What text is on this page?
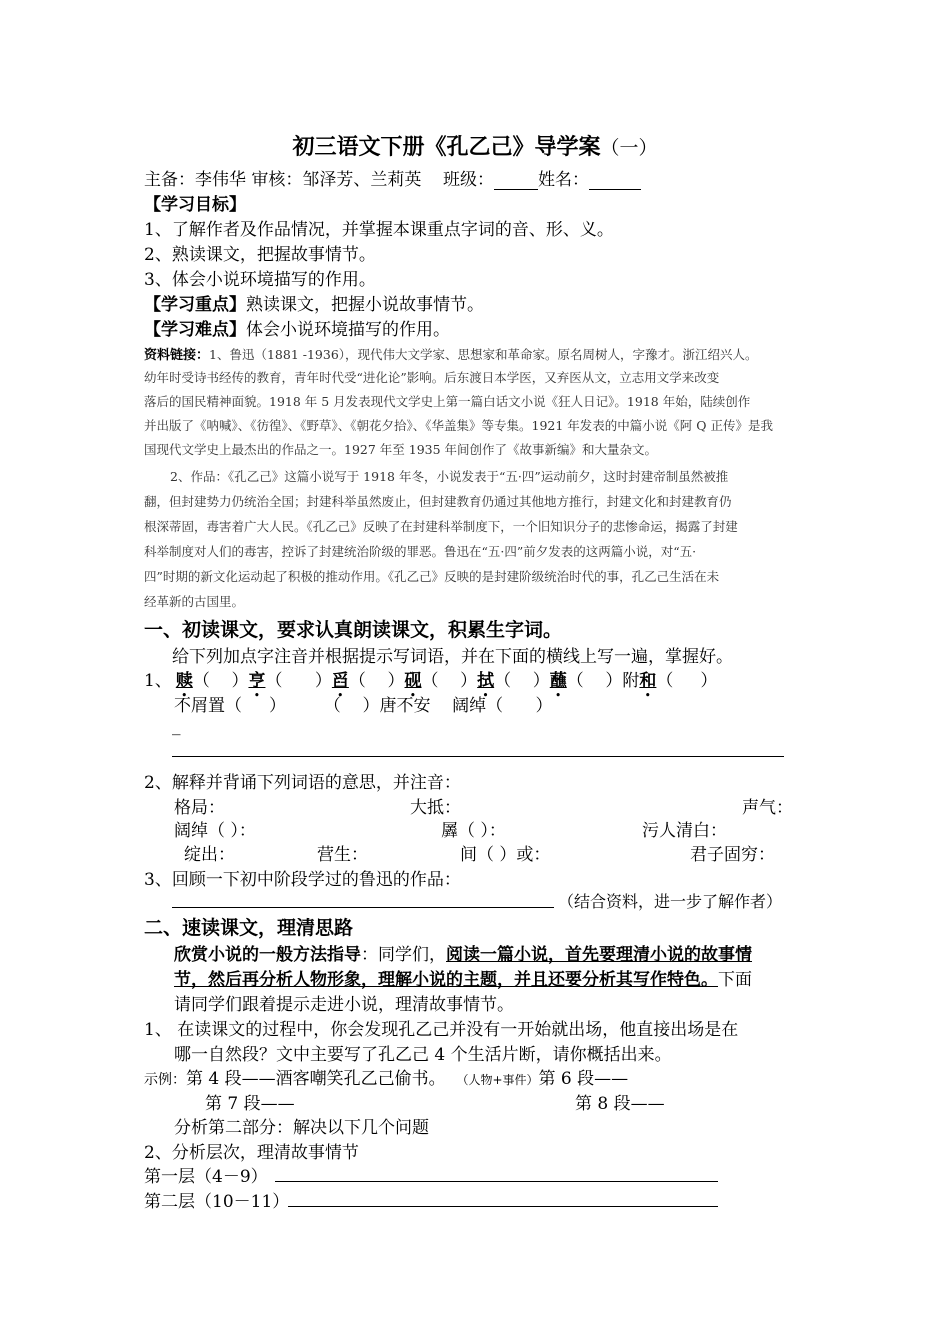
初三语文下册《孔乙己》导学案（一）
主备：李伟华 审核：邹泽芳、兰莉英 班级：	姓名：
【学习目标】
1、了解作者及作品情况，并掌握本课重点字词的音、形、义。
2、熟读课文，把握故事情节。
3、体会小说环境描写的作用。
【学习重点】熟读课文，把握小说故事情节。
【学习难点】体会小说环境描写的作用。
资料链接：1、鲁迅（1881 -1936），现代伟大文学家、思想家和革命家。原名周树人，字豫才。浙江绍兴人。
幼年时受诗书经传的教育，青年时代受“进化论”影响。后东渡日本学医，又弃医从文，立志用文学来改变
落后的国民精神面貌。1918 年 5 月发表现代文学史上第一篇白话文小说《狂人日记》。1918 年始，陆续创作
并出版了《呐喊》、《彷徨》、《野草》、《朝花夕拾》、《华盖集》等专集。1921 年发表的中篇小说《阿 Q 正传》是我
国现代文学史上最杰出的作品之一。1927 年至 1935 年间创作了《故事新编》和大量杂文。
2、作品：《孔乙己》这篇小说写于 1918 年冬，小说发表于“五·四”运动前夕，这时封建帝制虽然被推
翻，但封建势力仍统治全国；封建科举虽然废止，但封建教育仍通过其他地方推行，封建文化和封建教育仍
根深蒂固，毒害着广大人民。《孔乙己》反映了在封建科举制度下，一个旧知识分子的悲惨命运，揭露了封建
科举制度对人们的毒害，控诉了封建统治阶级的罪恶。鲁迅在“五·四”前夕发表的这两篇小说，对“五·
四”时期的新文化运动起了积极的推动作用。《孔乙己》反映的是封建阶级统治时代的事，孔乙己生活在未
经革新的古国里。
一、初读课文，要求认真朗读课文，积累生字词。
给下列加点字注音并根据提示写词语，并在下面的横线上写一遍，掌握好。
1、 赎（    ）亨（      ）舀（    ）砚（    ）拭（    ）蘸（    ）附和（     ）
不屑置（ ） （ ）唐不安 阔绰（ ）
_
2、解释并背诵下列词语的意思，并注音：
格局：	大抵：	声气：
阔绰（ ）：	羼（ ）：	污人清白：
绽出：	营生：	间（ ）或：	君子固穷：
3、回顾一下初中阶段学过的鲁迅的作品：
（结合资料，进一步了解作者）
二、速读课文，理清思路
欣赏小说的一般方法指导：同学们，阅读一篇小说，首先要理清小说的故事情
节，然后再分析人物形象，理解小说的主题，并且还要分析其写作特色。下面
请同学们跟着提示走进小说，理清故事情节。
1、 在读课文的过程中，你会发现孔乙己并没有一开始就出场，他直接出场是在
哪一自然段？文中主要写了孔乙己 4 个生活片断，请你概括出来。
示例：第 4 段——酒客嘲笑孔乙己偷书。 （人物+事件）第 6 段——
第 7 段——	第 8 段——
分析第二部分：解决以下几个问题
2、分析层次，理清故事情节
第一层（4－9）
第二层（10－11）
